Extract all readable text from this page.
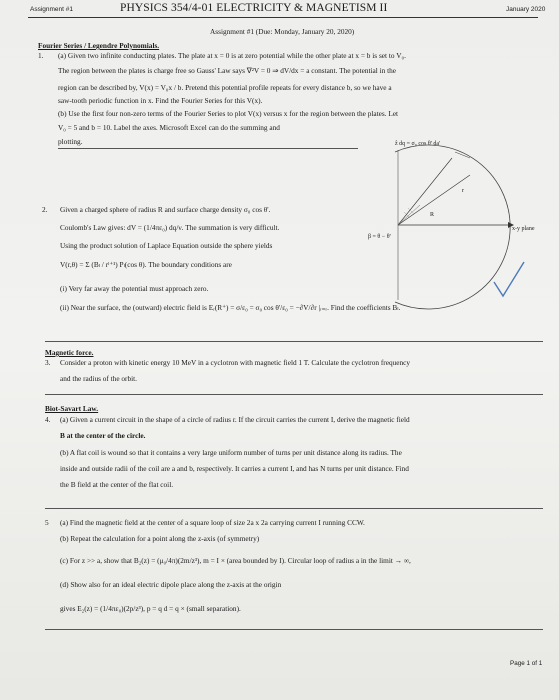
Assignment #1	PHYSICS 354/4-01 ELECTRICITY & MAGNETISM II	January 2020
Assignment #1 (Due: Monday, January 20, 2020)
Fourier Series / Legendre Polynomials.
1. (a) Given two infinite conducting plates. The plate at x = 0 is at zero potential while the other plate at x = b is set to V₀.
The region between the plates is charge free so Gauss' Law says ∇²V = 0 ⇒ dV/dx = a constant. The potential in the
region can be described by, V(x) = V₀x / b. Pretend this potential profile repeats for every distance b, so we have a
saw-tooth periodic function in x. Find the Fourier Series for this V(x).
(b) Use the first four non-zero terms of the Fourier Series to plot V(x) versus x for the region between the plates. Let
V₀ = 5 and b = 10. Label the axes. Microsoft Excel can do the summing and
plotting.	ẑ dq = σ₀ cos θ' da'
x-y plane
β = θ − θ'
r
R
2. Given a charged sphere of radius R and surface charge density σ₀ cos θ'.
Coulomb's Law gives: dV = (1/4πε₀) dq/ν. The summation is very difficult.
Using the product solution of Laplace Equation outside the sphere yields
V(r,θ) = Σ (Bₗ / rˡ⁺¹) Pₗ(cos θ). The boundary conditions are
(i) Very far away the potential must approach zero.
(ii) Near the surface, the (outward) electric field is Eᵣ(R⁺) = σ/ε₀ = σ₀ cos θ'/ε₀ = −∂V/∂r |ᵣ₌ᵣ. Find the coefficients Bₗ.
Magnetic force.
3. Consider a proton with kinetic energy 10 MeV in a cyclotron with magnetic field 1 T. Calculate the cyclotron frequency
and the radius of the orbit.
Biot-Savart Law.
4. (a) Given a current circuit in the shape of a circle of radius r. If the circuit carries the current I, derive the magnetic field
B at the center of the circle.
(b) A flat coil is wound so that it contains a very large uniform number of turns per unit distance along its radius. The
inside and outside radii of the coil are a and b, respectively. It carries a current I, and has N turns per unit distance. Find
the B field at the center of the flat coil.
5 (a) Find the magnetic field at the center of a square loop of size 2a x 2a carrying current I running CCW.
(b) Repeat the calculation for a point along the z-axis (of symmetry)
(c) For z >> a, show that B₂(z) = (μ₀/4π)(2m/z³), m = I × (area bounded by I). Circular loop of radius a in the limit → ∞,
(d) Show also for an ideal electric dipole place along the z-axis at the origin
gives E₂(z) = (1/4πε₀)(2p/z³), p = q d = q × (small separation).
Page 1 of 1
